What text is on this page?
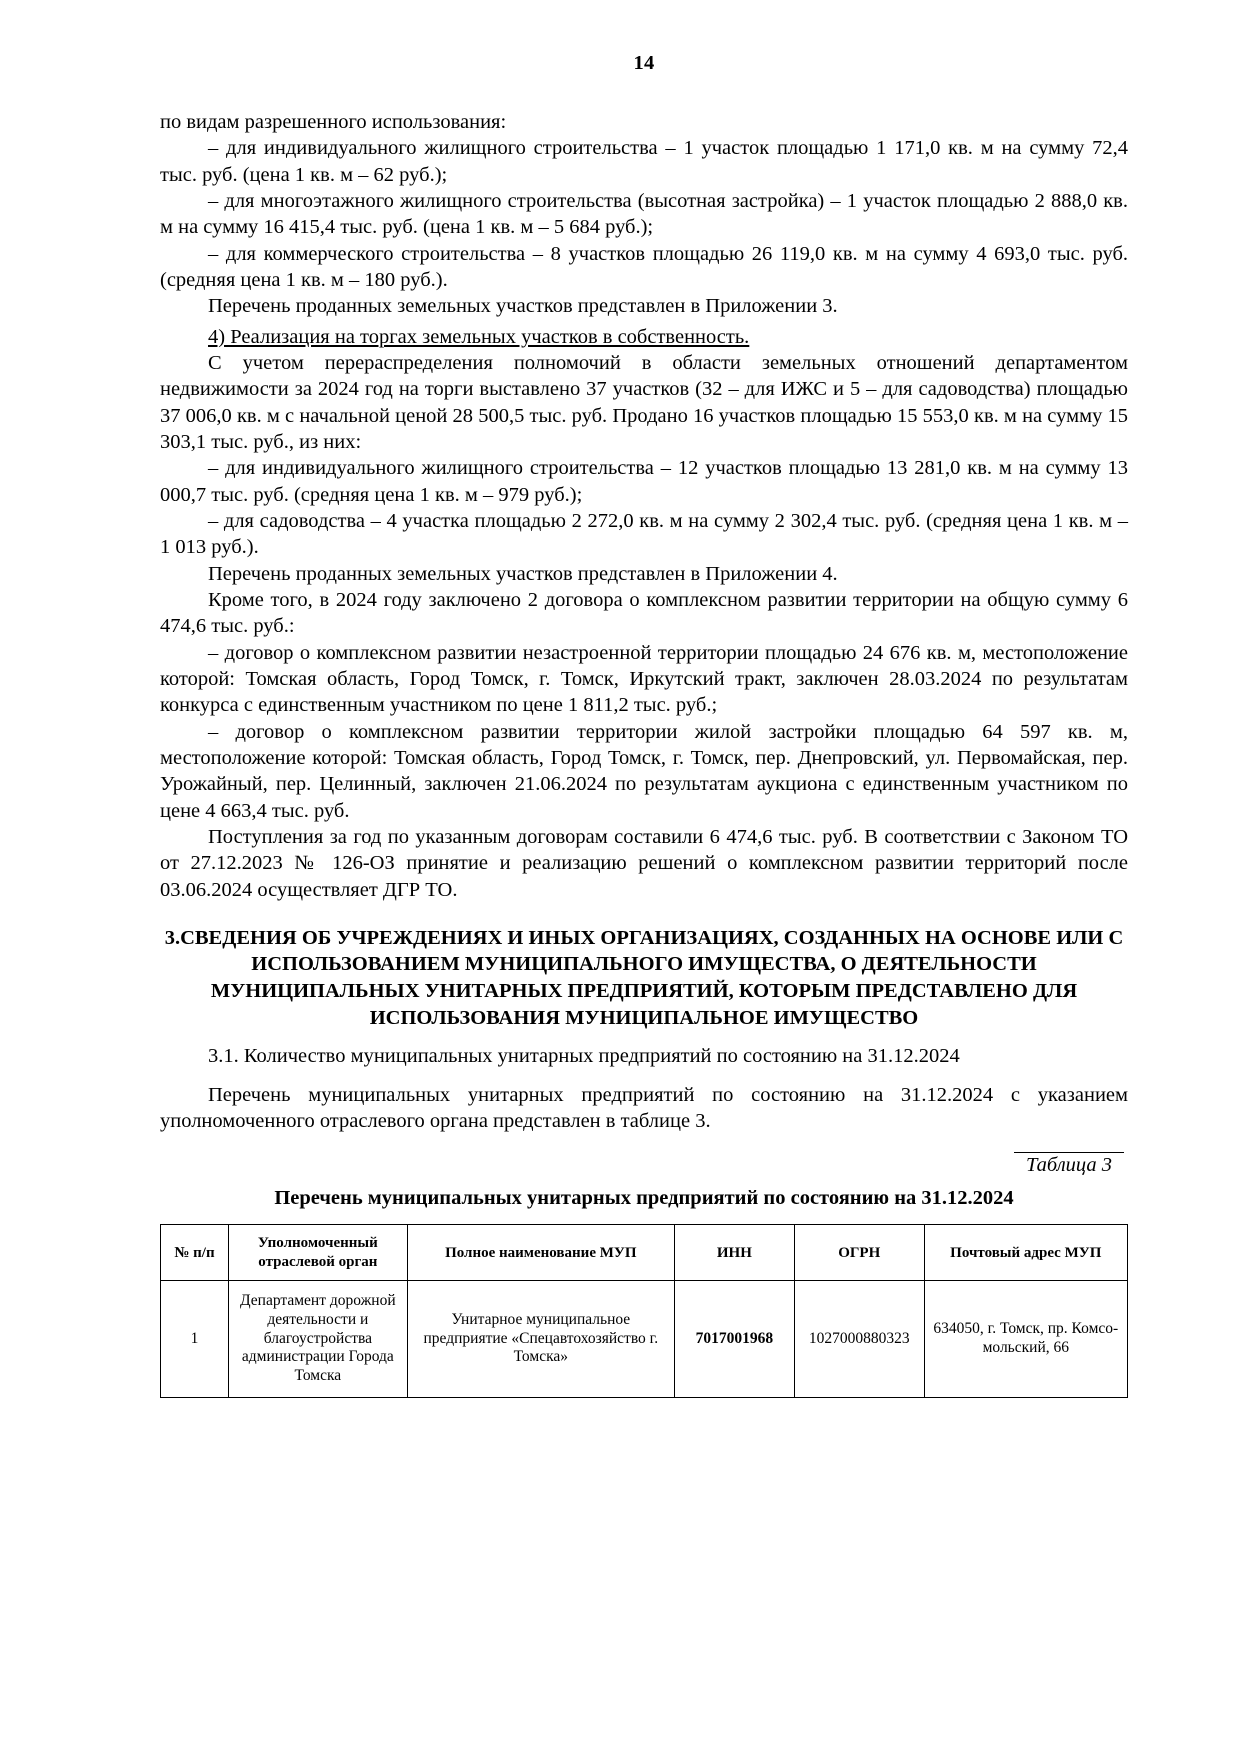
14

по видам разрешенного использования:

– для индивидуального жилищного строительства – 1 участок площадью 1 171,0 кв. м на сумму 72,4 тыс. руб. (цена 1 кв. м – 62 руб.);

– для многоэтажного жилищного строительства (высотная застройка) – 1 участок площадью 2 888,0 кв. м на сумму 16 415,4 тыс. руб. (цена 1 кв. м – 5 684 руб.);

– для коммерческого строительства – 8 участков площадью 26 119,0 кв. м на сумму 4 693,0 тыс. руб. (средняя цена 1 кв. м – 180 руб.).

Перечень проданных земельных участков представлен в Приложении 3.

4) Реализация на торгах земельных участков в собственность.

С учетом перераспределения полномочий в области земельных отношений департаментом недвижимости за 2024 год на торги выставлено 37 участков (32 – для ИЖС и 5 – для садоводства) площадью 37 006,0 кв. м с начальной ценой 28 500,5 тыс. руб. Продано 16 участков площадью 15 553,0 кв. м на сумму 15 303,1 тыс. руб., из них:

– для индивидуального жилищного строительства – 12 участков площадью 13 281,0 кв. м на сумму 13 000,7 тыс. руб. (средняя цена 1 кв. м – 979 руб.);

– для садоводства – 4 участка площадью 2 272,0 кв. м на сумму 2 302,4 тыс. руб. (средняя цена 1 кв. м – 1 013 руб.).

Перечень проданных земельных участков представлен в Приложении 4.

Кроме того, в 2024 году заключено 2 договора о комплексном развитии территории на общую сумму 6 474,6 тыс. руб.:

– договор о комплексном развитии незастроенной территории площадью 24 676 кв. м, местоположение которой: Томская область, Город Томск, г. Томск, Иркутский тракт, заключен 28.03.2024 по результатам конкурса с единственным участником по цене 1 811,2 тыс. руб.;

– договор о комплексном развитии территории жилой застройки площадью 64 597 кв. м, местоположение которой: Томская область, Город Томск, г. Томск, пер. Днепровский, ул. Первомайская, пер. Урожайный, пер. Целинный, заключен 21.06.2024 по результатам аукциона с единственным участником по цене 4 663,4 тыс. руб.

Поступления за год по указанным договорам составили 6 474,6 тыс. руб. В соответствии с Законом ТО от 27.12.2023 № 126-ОЗ принятие и реализацию решений о комплексном развитии территорий после 03.06.2024 осуществляет ДГР ТО.

3.СВЕДЕНИЯ ОБ УЧРЕЖДЕНИЯХ И ИНЫХ ОРГАНИЗАЦИЯХ, СОЗДАННЫХ НА ОСНОВЕ ИЛИ С ИСПОЛЬЗОВАНИЕМ МУНИЦИПАЛЬНОГО ИМУЩЕСТВА, О ДЕЯТЕЛЬНОСТИ МУНИЦИПАЛЬНЫХ УНИТАРНЫХ ПРЕДПРИЯТИЙ, КОТОРЫМ ПРЕДСТАВЛЕНО ДЛЯ ИСПОЛЬЗОВАНИЯ МУНИЦИПАЛЬНОЕ ИМУЩЕСТВО

3.1. Количество муниципальных унитарных предприятий по состоянию на 31.12.2024

Перечень муниципальных унитарных предприятий по состоянию на 31.12.2024 с указанием уполномоченного отраслевого органа представлен в таблице 3.

Таблица 3
Перечень муниципальных унитарных предприятий по состоянию на 31.12.2024
№ п/п	Уполномоченный отраслевой орган	Полное наименование МУП	ИНН	ОГРН	Почтовый адрес МУП
1	Департамент дорожной деятельности и благоустройства администрации Города Томска	Унитарное муниципальное предприятие «Спецавтохозяйство г. Томска»	7017001968	1027000880323	634050, г. Томск, пр. Комсо-мольский, 66
